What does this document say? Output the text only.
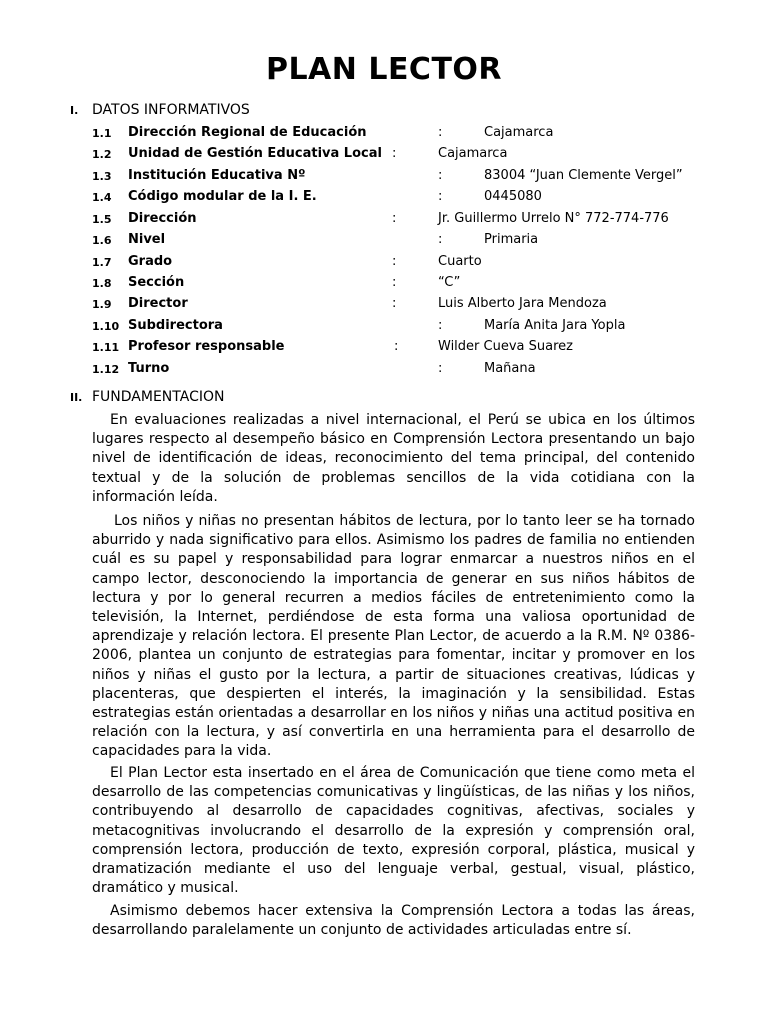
PLAN LECTOR
I. DATOS INFORMATIVOS
1.1 Dirección Regional de Educación	:	Cajamarca
1.2 Unidad de Gestión Educativa Local :	Cajamarca
1.3 Institución Educativa Nº	:	83004 “Juan Clemente Vergel”
1.4 Código modular de la I. E.	:	0445080
1.5 Dirección	:	Jr. Guillermo Urrelo N° 772-774-776
1.6 Nivel	:	Primaria
1.7 Grado	:	Cuarto
1.8 Sección	:	“C”
1.9 Director	:	Luis Alberto Jara Mendoza
1.10 Subdirectora	:	María Anita Jara Yopla
1.11 Profesor responsable	:	Wilder Cueva Suarez
1.12 Turno	:	Mañana
II. FUNDAMENTACION

En evaluaciones realizadas a nivel internacional, el Perú se ubica en los últimos lugares respecto al desempeño básico en Comprensión Lectora presentando un bajo nivel de identificación de ideas, reconocimiento del tema principal, del contenido textual y de la solución de problemas sencillos de la vida cotidiana con la información leída.

Los niños y niñas no presentan hábitos de lectura, por lo tanto leer se ha tornado aburrido y nada significativo para ellos. Asimismo los padres de familia no entienden cuál es su papel y responsabilidad para lograr enmarcar a nuestros niños en el campo lector, desconociendo la importancia de generar en sus niños hábitos de lectura y por lo general recurren a medios fáciles de entretenimiento como la televisión, la Internet, perdiéndose de esta forma una valiosa oportunidad de aprendizaje y relación lectora. El presente Plan Lector, de acuerdo a la R.M. Nº 0386-2006, plantea un conjunto de estrategias para fomentar, incitar y promover en los niños y niñas el gusto por la lectura, a partir de situaciones creativas, lúdicas y placenteras, que despierten el interés, la imaginación y la sensibilidad. Estas estrategias están orientadas a desarrollar en los niños y niñas una actitud positiva en relación con la lectura, y así convertirla en una herramienta para el desarrollo de capacidades para la vida.

El Plan Lector esta insertado en el área de Comunicación que tiene como meta el desarrollo de las competencias comunicativas y lingüísticas, de las niñas y los niños, contribuyendo al desarrollo de capacidades cognitivas, afectivas, sociales y metacognitivas involucrando el desarrollo de la expresión y comprensión oral, comprensión lectora, producción de texto, expresión corporal, plástica, musical y dramatización mediante el uso del lenguaje verbal, gestual, visual, plástico, dramático y musical.

Asimismo debemos hacer extensiva la Comprensión Lectora a todas las áreas, desarrollando paralelamente un conjunto de actividades articuladas entre sí.
